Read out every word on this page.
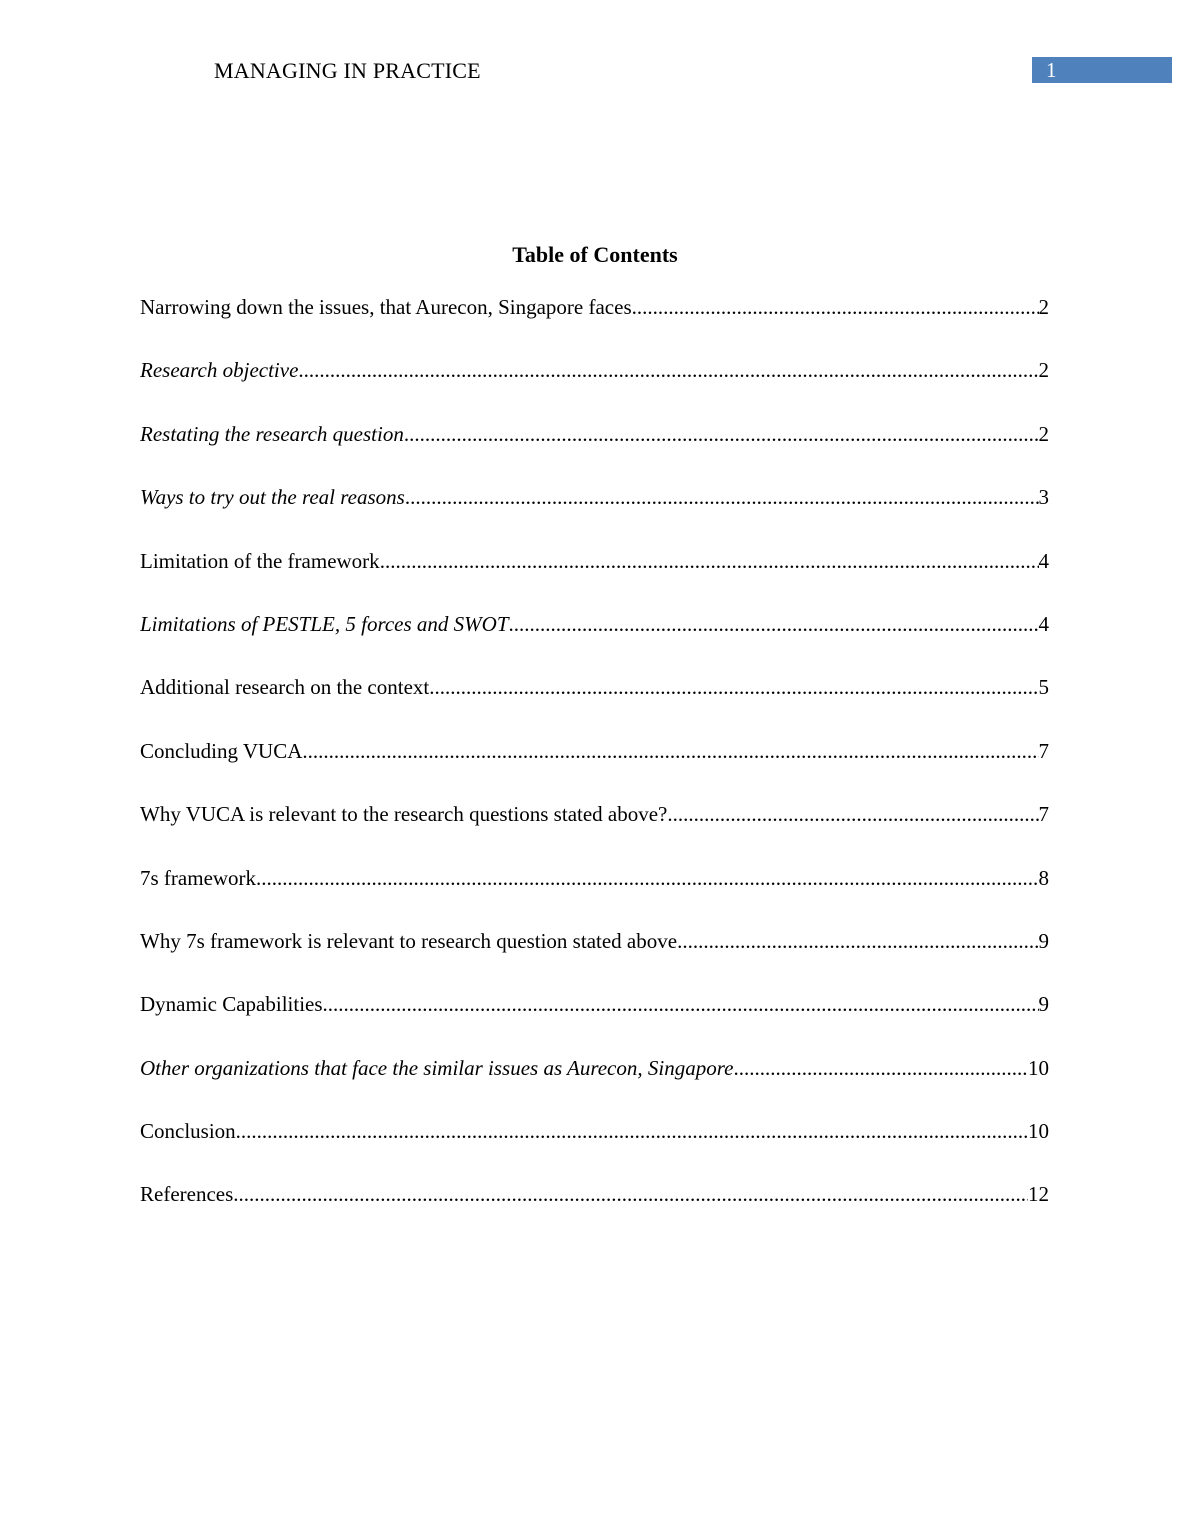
MANAGING IN PRACTICE	1
Table of Contents
Narrowing down the issues, that Aurecon, Singapore faces .....	2
Research objective .....	2
Restating the research question .....	2
Ways to try out the real reasons .....	3
Limitation of the framework .....	4
Limitations of PESTLE, 5 forces and SWOT .....	4
Additional research on the context .....	5
Concluding VUCA .....	7
Why VUCA is relevant to the research questions stated above? .....	7
7s framework .....	8
Why 7s framework is relevant to research question stated above .....	9
Dynamic Capabilities .....	9
Other organizations that face the similar issues as Aurecon, Singapore .....	10
Conclusion .....	10
References .....	12
